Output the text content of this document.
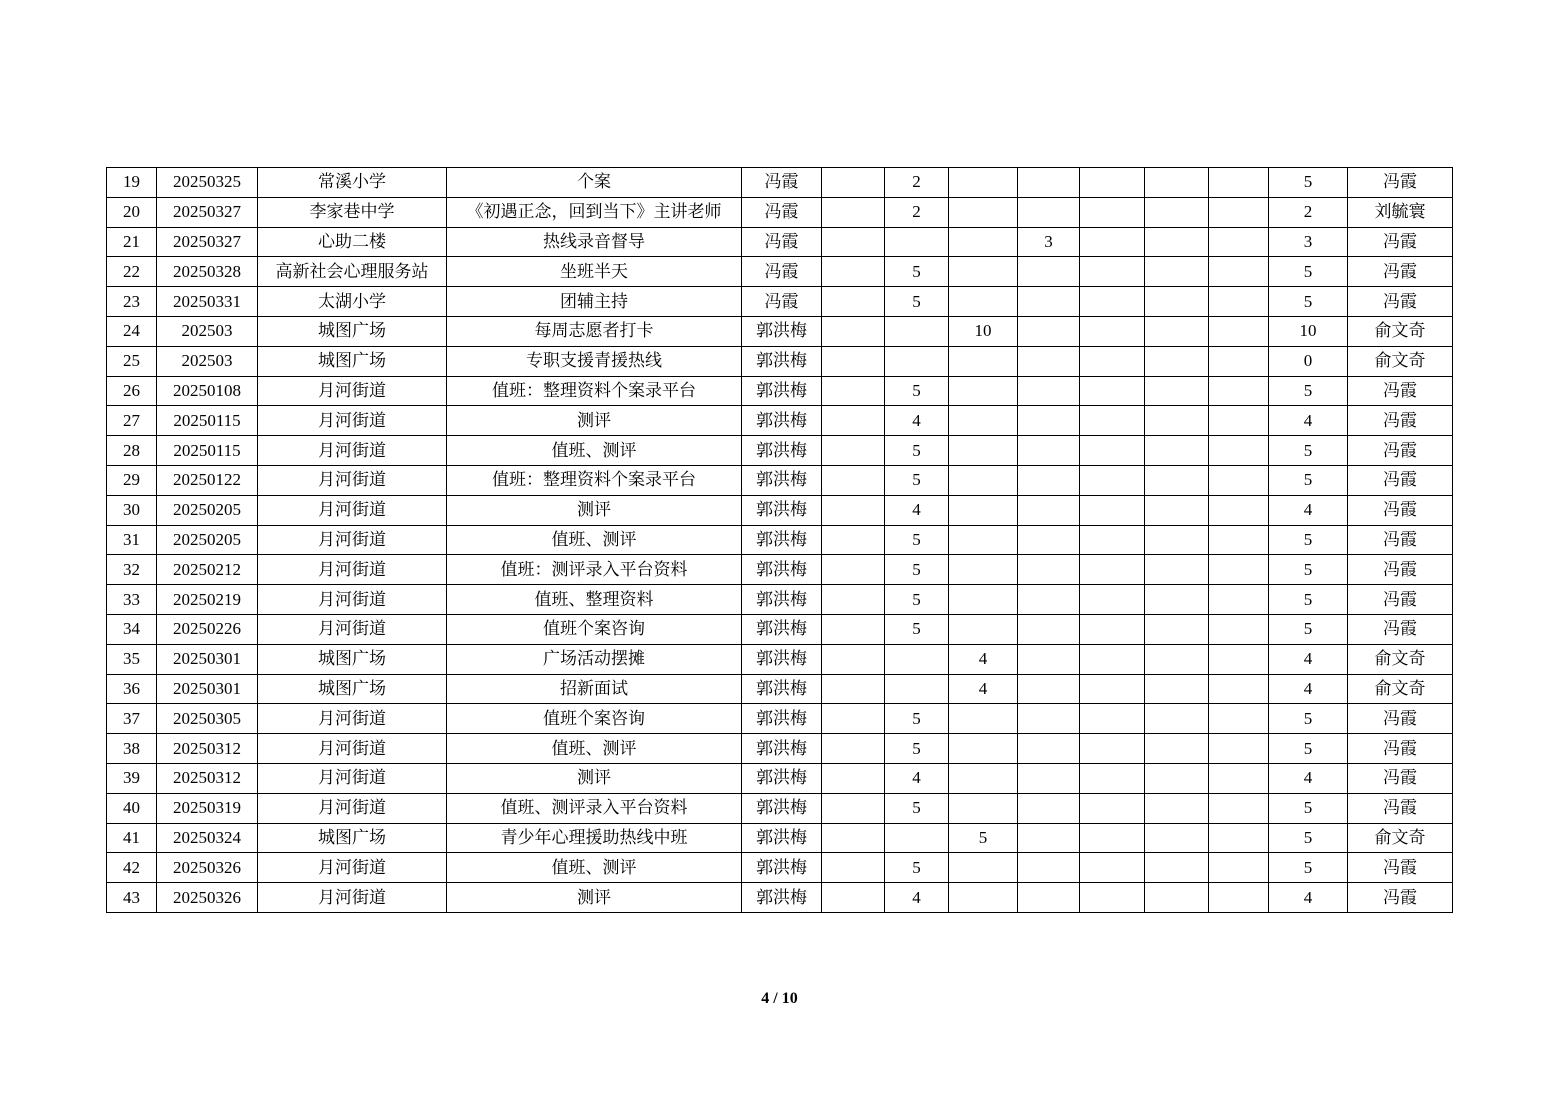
19	20250325	常溪小学	个案	冯霞		2						5	冯霞
20	20250327	李家巷中学	《初遇正念，回到当下》主讲老师	冯霞		2						2	刘毓寰
21	20250327	心助二楼	热线录音督导	冯霞				3				3	冯霞
22	20250328	高新社会心理服务站	坐班半天	冯霞		5						5	冯霞
23	20250331	太湖小学	团辅主持	冯霞		5						5	冯霞
24	202503	城图广场	每周志愿者打卡	郭洪梅			10					10	俞文奇
25	202503	城图广场	专职支援青援热线	郭洪梅								0	俞文奇
26	20250108	月河街道	值班：整理资料个案录平台	郭洪梅		5						5	冯霞
27	20250115	月河街道	测评	郭洪梅		4						4	冯霞
28	20250115	月河街道	值班、测评	郭洪梅		5						5	冯霞
29	20250122	月河街道	值班：整理资料个案录平台	郭洪梅		5						5	冯霞
30	20250205	月河街道	测评	郭洪梅		4						4	冯霞
31	20250205	月河街道	值班、测评	郭洪梅		5						5	冯霞
32	20250212	月河街道	值班：测评录入平台资料	郭洪梅		5						5	冯霞
33	20250219	月河街道	值班、整理资料	郭洪梅		5						5	冯霞
34	20250226	月河街道	值班个案咨询	郭洪梅		5						5	冯霞
35	20250301	城图广场	广场活动摆摊	郭洪梅			4					4	俞文奇
36	20250301	城图广场	招新面试	郭洪梅			4					4	俞文奇
37	20250305	月河街道	值班个案咨询	郭洪梅		5						5	冯霞
38	20250312	月河街道	值班、测评	郭洪梅		5						5	冯霞
39	20250312	月河街道	测评	郭洪梅		4						4	冯霞
40	20250319	月河街道	值班、测评录入平台资料	郭洪梅		5						5	冯霞
41	20250324	城图广场	青少年心理援助热线中班	郭洪梅			5					5	俞文奇
42	20250326	月河街道	值班、测评	郭洪梅		5						5	冯霞
43	20250326	月河街道	测评	郭洪梅		4						4	冯霞
4 / 10
